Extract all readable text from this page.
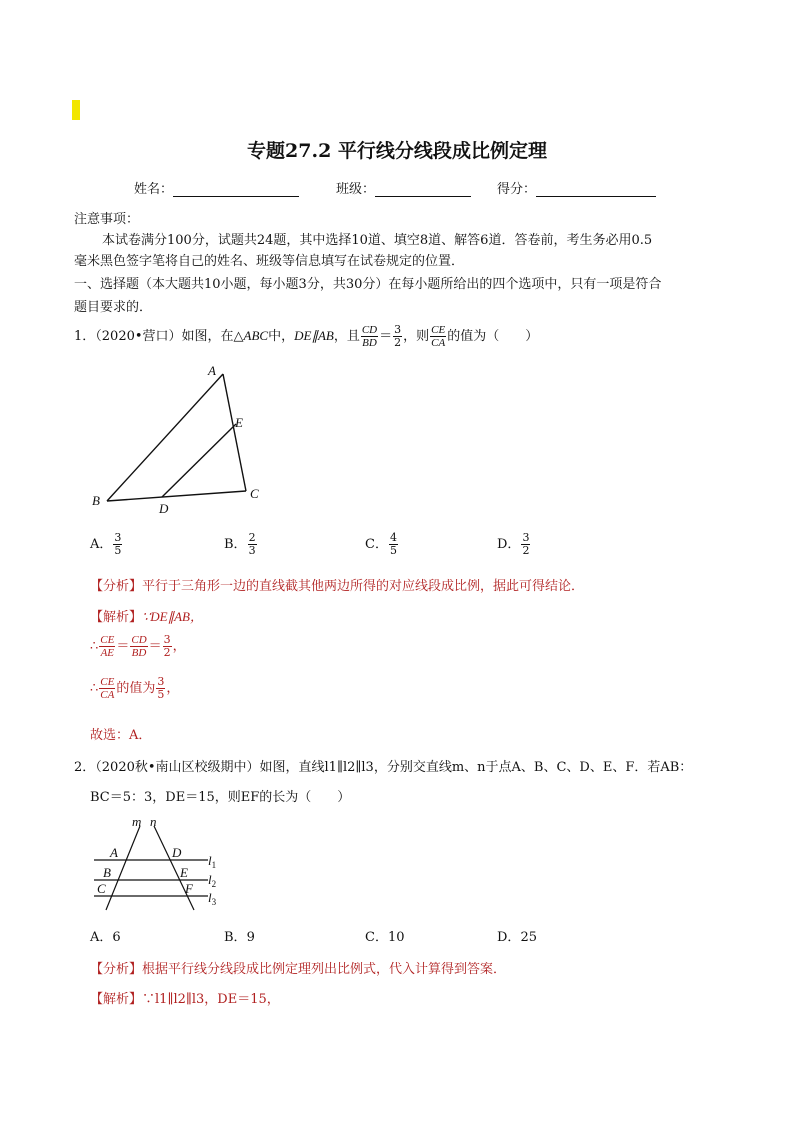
专题27.2 平行线分线段成比例定理
姓名：	班级：	得分：
注意事项：
本试卷满分100分，试题共24题，其中选择10道、填空8道、解答6道．答卷前，考生务必用0.5
毫米黑色签字笔将自己的姓名、班级等信息填写在试卷规定的位置．
一、选择题（本大题共10小题，每小题3分，共30分）在每小题所给出的四个选项中，只有一项是符合
题目要求的．
1．（2020•营口）如图，在△ABC中，DE∥AB，且 $\frac{CD}{BD} = \frac{3}{2}$ ，则 $\frac{CE}{CA}$ 的值为（　　）
A
E
B	C
D
A． $\frac{3}{5}$	B． $\frac{2}{3}$	C． $\frac{4}{5}$	D． $\frac{3}{2}$
【分析】平行于三角形一边的直线截其他两边所得的对应线段成比例，据此可得结论．
【解析】∵DE∥AB，
∴ $\frac{CE}{AE} = \frac{CD}{BD} = \frac{3}{2}$ ，
∴ $\frac{CE}{CA}$ 的值为 $\frac{3}{5}$ ，
故选：A．
2．（2020秋•南山区校级期中）如图，直线l1∥l2∥l3，分别交直线m、n于点A、B、C、D、E、F．若AB：
BC＝5：3，DE＝15，则EF的长为（　　）
m n
A	D
B	E
C	F
$l_1$
$l_2$
$l_3$
A．6	B．9	C．10	D．25
【分析】根据平行线分线段成比例定理列出比例式，代入计算得到答案．
【解析】∵l1∥l2∥l3，DE＝15，
